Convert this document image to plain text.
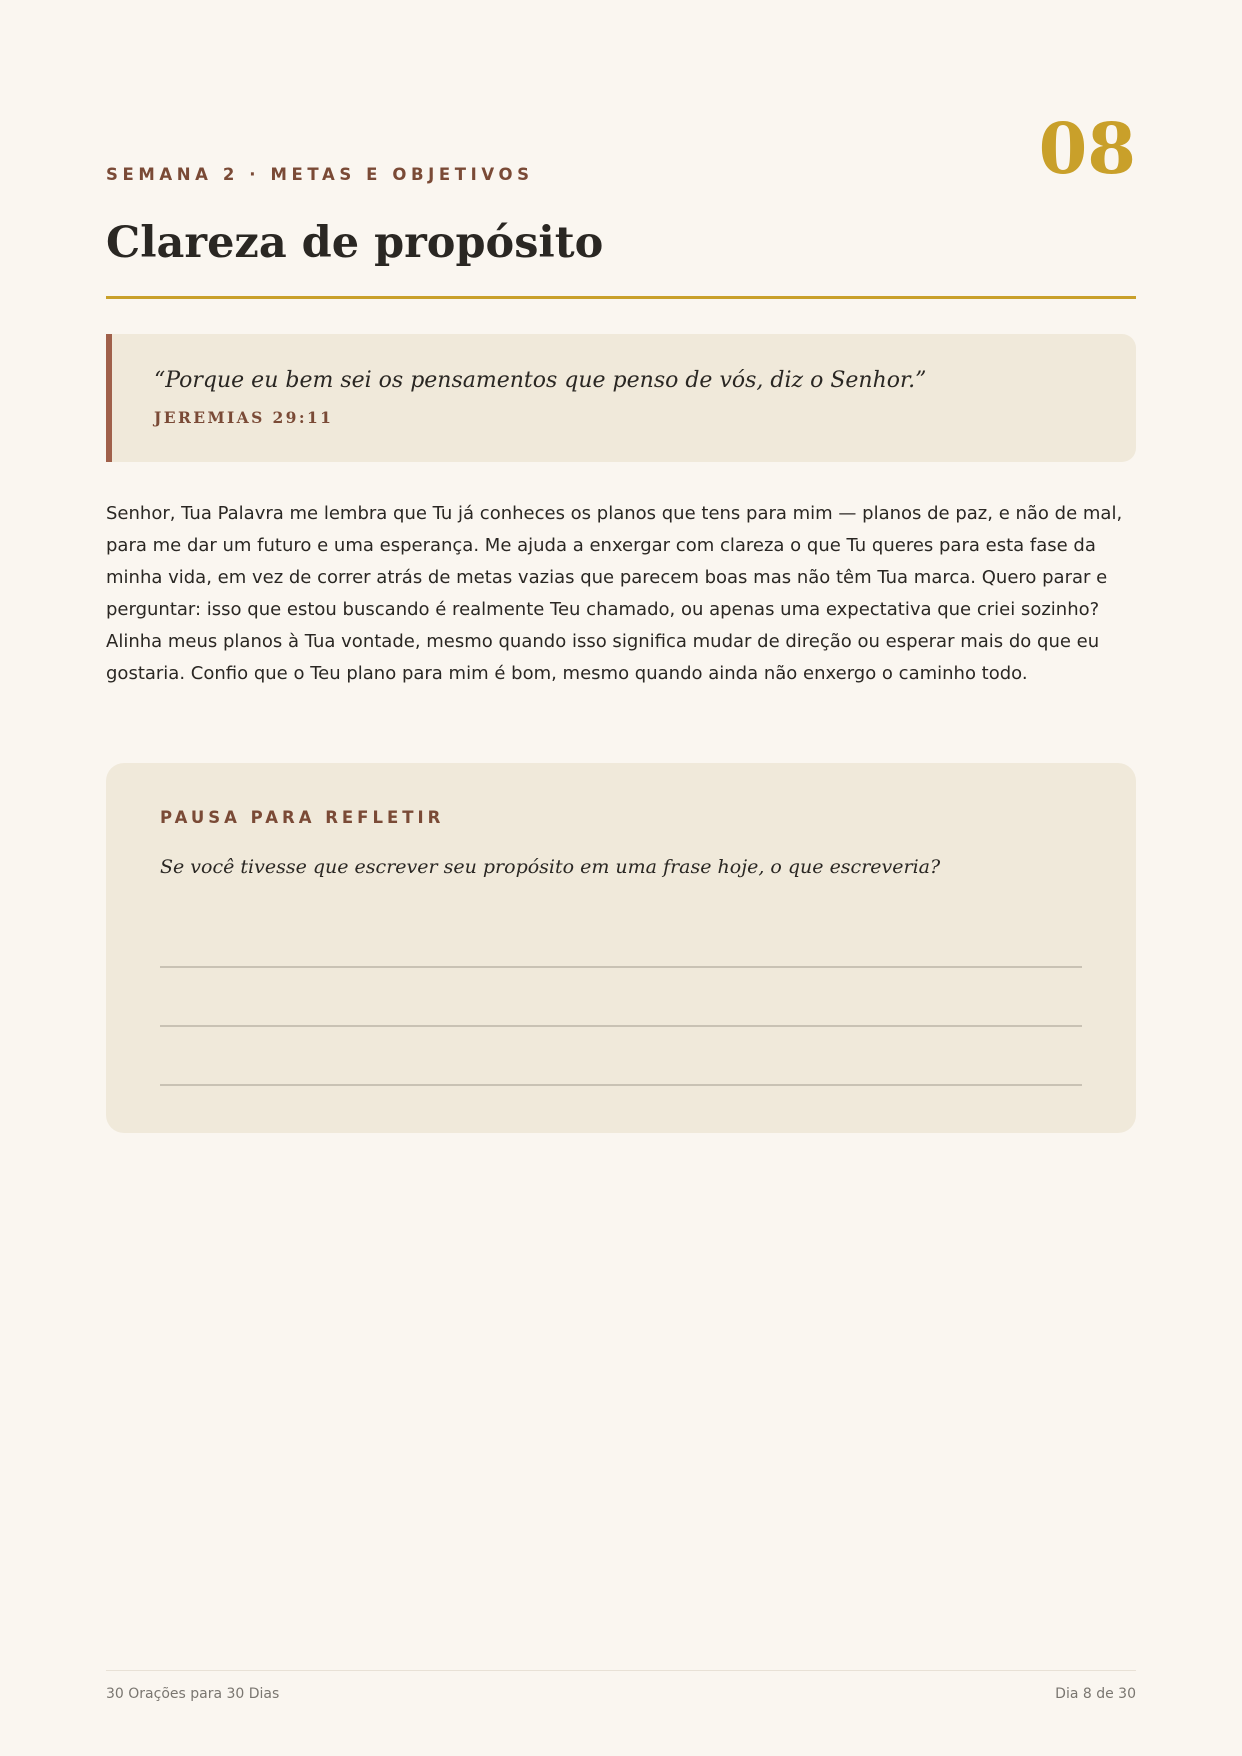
SEMANA 2 · METAS E OBJETIVOS	08
Clareza de propósito
“Porque eu bem sei os pensamentos que penso de vós, diz o Senhor.”
JEREMIAS 29:11

Senhor, Tua Palavra me lembra que Tu já conheces os planos que tens para mim — planos de paz, e não de mal, para me dar um futuro e uma esperança. Me ajuda a enxergar com clareza o que Tu queres para esta fase da minha vida, em vez de correr atrás de metas vazias que parecem boas mas não têm Tua marca. Quero parar e perguntar: isso que estou buscando é realmente Teu chamado, ou apenas uma expectativa que criei sozinho? Alinha meus planos à Tua vontade, mesmo quando isso significa mudar de direção ou esperar mais do que eu gostaria. Confio que o Teu plano para mim é bom, mesmo quando ainda não enxergo o caminho todo.

PAUSA PARA REFLETIR
Se você tivesse que escrever seu propósito em uma frase hoje, o que escreveria?
30 Orações para 30 Dias	Dia 8 de 30
